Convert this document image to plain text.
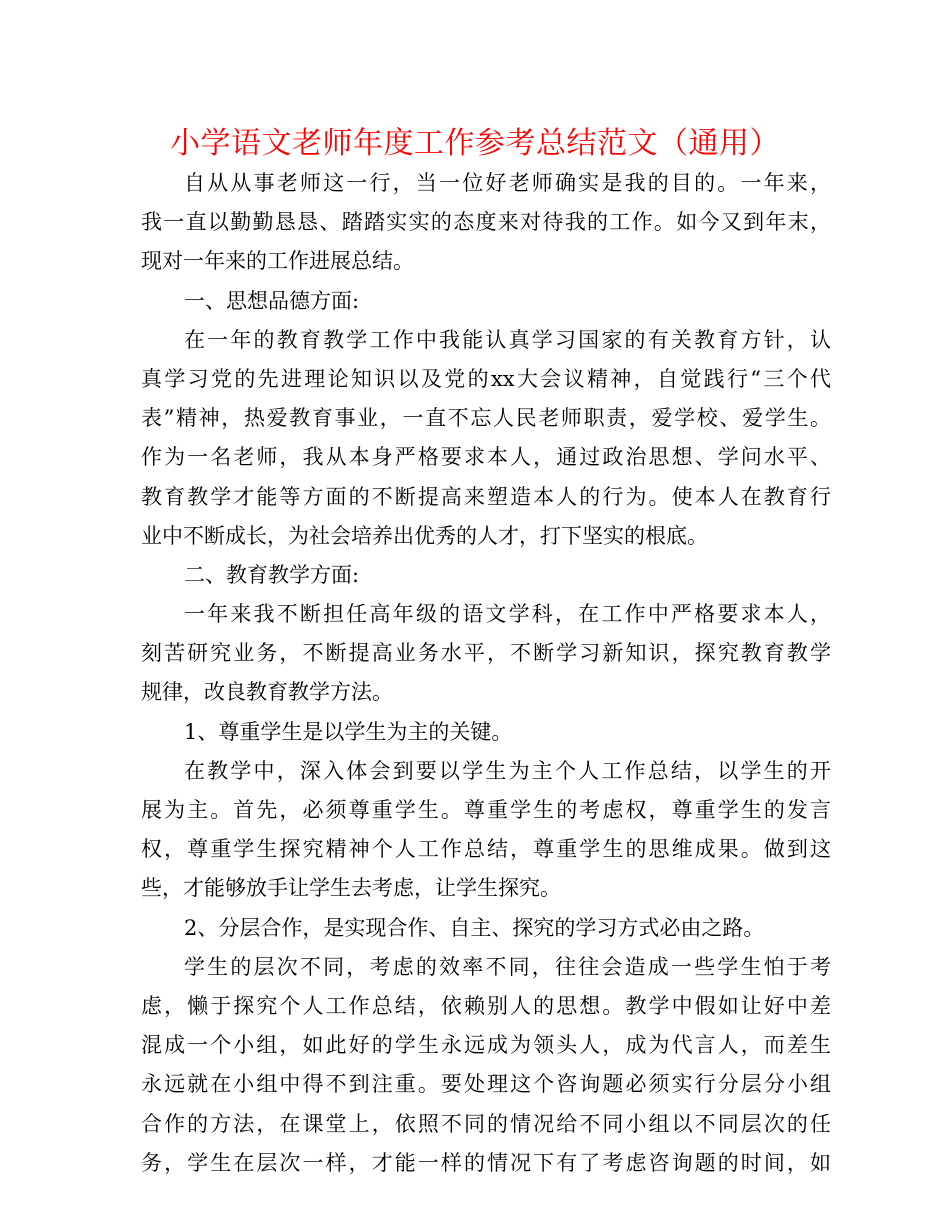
小学语文老师年度工作参考总结范文（通用）
自从从事老师这一行，当一位好老师确实是我的目的。一年来，
我一直以勤勤恳恳、踏踏实实的态度来对待我的工作。如今又到年末，
现对一年来的工作进展总结。
一、思想品德方面:
在一年的教育教学工作中我能认真学习国家的有关教育方针，认
真学习党的先进理论知识以及党的xx大会议精神，自觉践行“三个代
表”精神，热爱教育事业，一直不忘人民老师职责，爱学校、爱学生。
作为一名老师，我从本身严格要求本人，通过政治思想、学问水平、
教育教学才能等方面的不断提高来塑造本人的行为。使本人在教育行
业中不断成长，为社会培养出优秀的人才，打下坚实的根底。
二、教育教学方面:
一年来我不断担任高年级的语文学科，在工作中严格要求本人，
刻苦研究业务，不断提高业务水平，不断学习新知识，探究教育教学
规律，改良教育教学方法。
1、尊重学生是以学生为主的关键。
在教学中，深入体会到要以学生为主个人工作总结，以学生的开
展为主。首先，必须尊重学生。尊重学生的考虑权，尊重学生的发言
权，尊重学生探究精神个人工作总结，尊重学生的思维成果。做到这
些，才能够放手让学生去考虑，让学生探究。
2、分层合作，是实现合作、自主、探究的学习方式必由之路。
学生的层次不同，考虑的效率不同，往往会造成一些学生怕于考
虑，懒于探究个人工作总结，依赖别人的思想。教学中假如让好中差
混成一个小组，如此好的学生永远成为领头人，成为代言人，而差生
永远就在小组中得不到注重。要处理这个咨询题必须实行分层分小组
合作的方法，在课堂上，依照不同的情况给不同小组以不同层次的任
务，学生在层次一样，才能一样的情况下有了考虑咨询题的时间，如
